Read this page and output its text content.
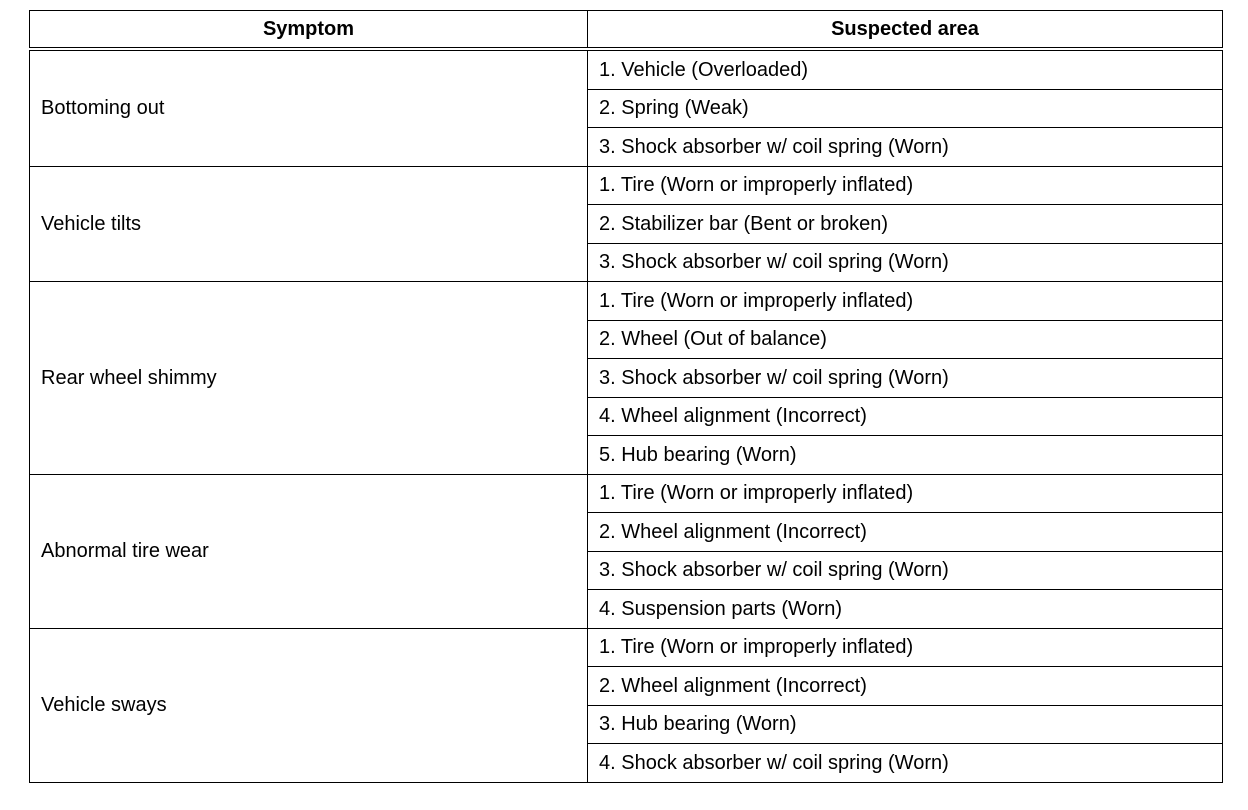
Symptom	Suspected area
Bottoming out	1. Vehicle (Overloaded)
	2. Spring (Weak)
	3. Shock absorber w/ coil spring (Worn)
Vehicle tilts	1. Tire (Worn or improperly inflated)
	2. Stabilizer bar (Bent or broken)
	3. Shock absorber w/ coil spring (Worn)
Rear wheel shimmy	1. Tire (Worn or improperly inflated)
	2. Wheel (Out of balance)
	3. Shock absorber w/ coil spring (Worn)
	4. Wheel alignment (Incorrect)
	5. Hub bearing (Worn)
Abnormal tire wear	1. Tire (Worn or improperly inflated)
	2. Wheel alignment (Incorrect)
	3. Shock absorber w/ coil spring (Worn)
	4. Suspension parts (Worn)
Vehicle sways	1. Tire (Worn or improperly inflated)
	2. Wheel alignment (Incorrect)
	3. Hub bearing (Worn)
	4. Shock absorber w/ coil spring (Worn)
